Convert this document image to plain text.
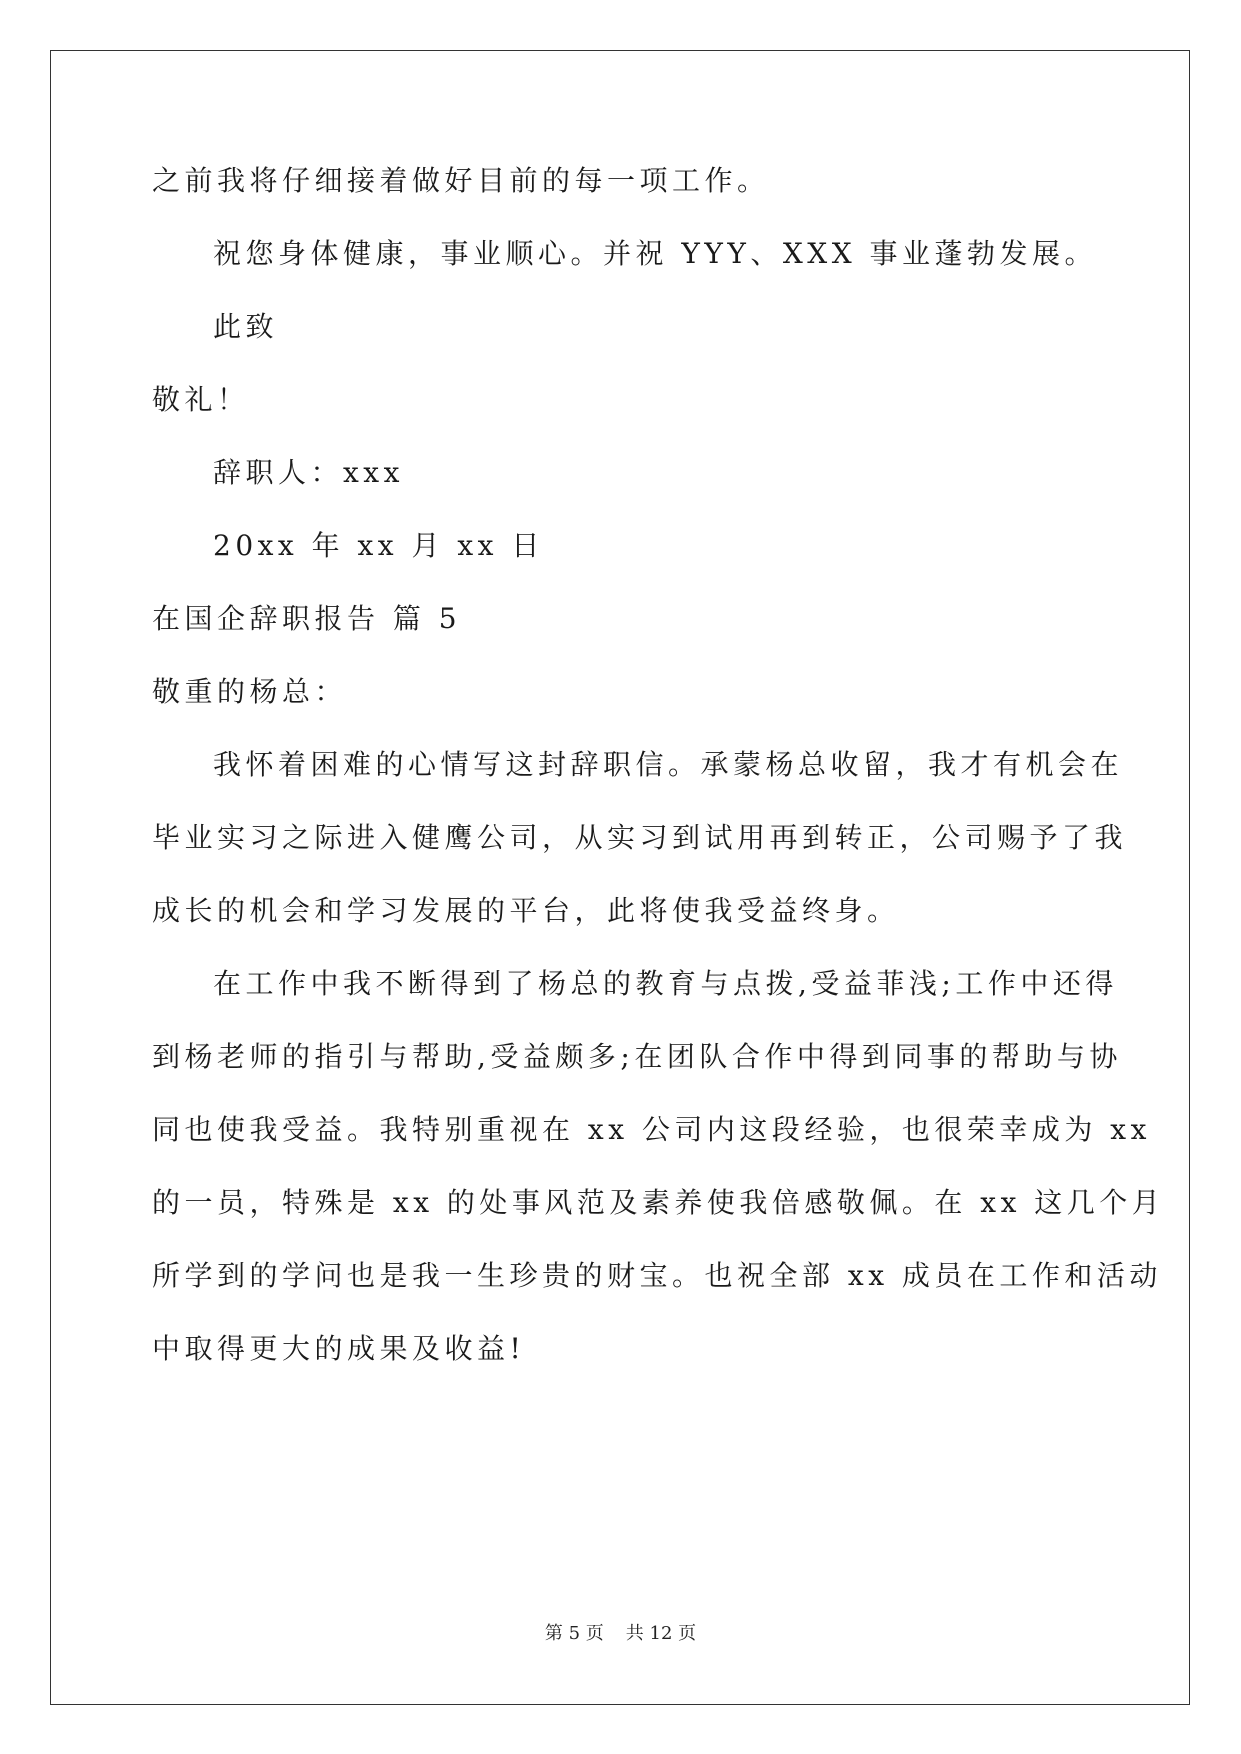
之前我将仔细接着做好目前的每一项工作。
祝您身体健康，事业顺心。并祝 YYY、XXX 事业蓬勃发展。
此致
敬礼！
辞职人：xxx
20xx 年 xx 月 xx 日
在国企辞职报告 篇 5
敬重的杨总：
我怀着困难的心情写这封辞职信。承蒙杨总收留，我才有机会在
毕业实习之际进入健鹰公司，从实习到试用再到转正，公司赐予了我
成长的机会和学习发展的平台，此将使我受益终身。
在工作中我不断得到了杨总的教育与点拨,受益菲浅;工作中还得
到杨老师的指引与帮助,受益颇多;在团队合作中得到同事的帮助与协
同也使我受益。我特别重视在 xx 公司内这段经验，也很荣幸成为 xx
的一员，特殊是 xx 的处事风范及素养使我倍感敬佩。在 xx 这几个月
所学到的学问也是我一生珍贵的财宝。也祝全部 xx 成员在工作和活动
中取得更大的成果及收益!
第 5 页 共 12 页
